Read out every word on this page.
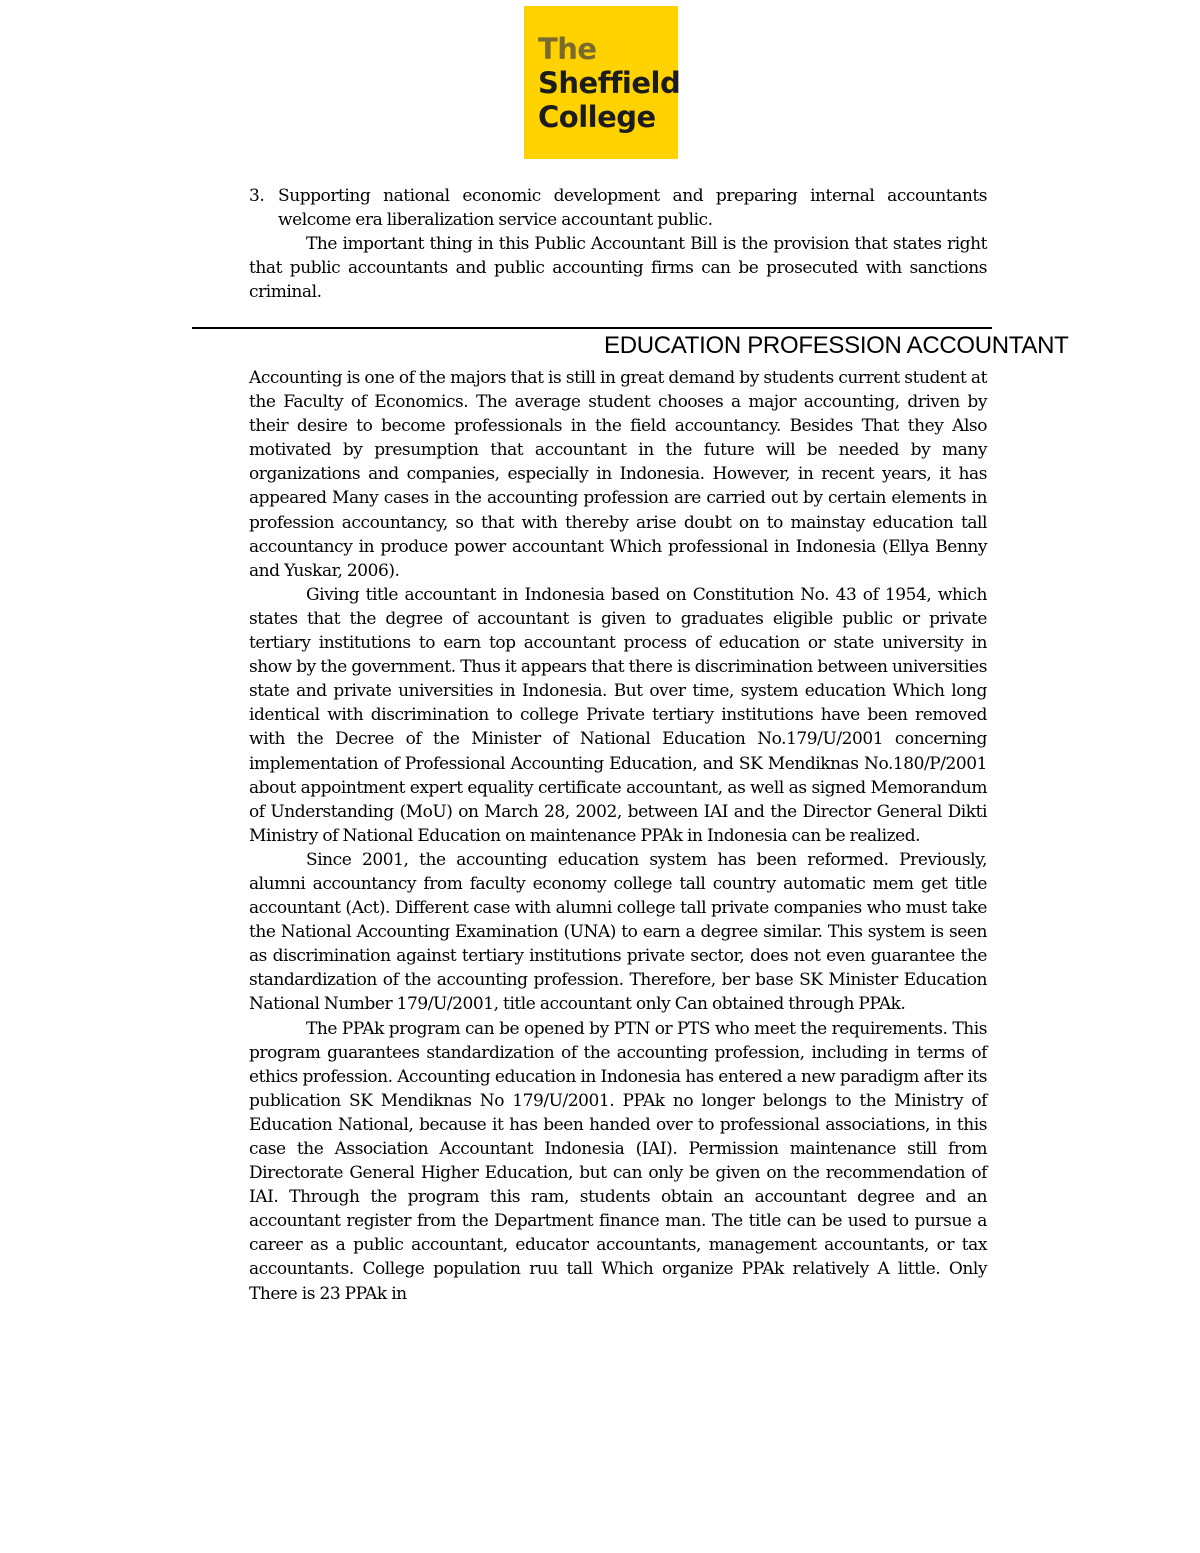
The
Sheffield
College
3. Supporting national economic development and preparing internal accountants welcome era liberalization service accountant public.

The important thing in this Public Accountant Bill is the provision that states right that public accountants and public accounting firms can be prosecuted with sanctions criminal.

EDUCATION PROFESSION ACCOUNTANT

Accounting is one of the majors that is still in great demand by students current student at the Faculty of Economics. The average student chooses a major accounting, driven by their desire to become professionals in the field accountancy. Besides That they Also motivated by presumption that accountant in the future will be needed by many organizations and companies, especially in Indonesia. However, in recent years, it has appeared Many cases in the accounting profession are carried out by certain elements in profession accountancy, so that with thereby arise doubt on to mainstay education tall accountancy in produce power accountant Which professional in Indonesia (Ellya Benny and Yuskar, 2006).

Giving title accountant in Indonesia based on Constitution No. 43 of 1954, which states that the degree of accountant is given to graduates eligible public or private tertiary institutions to earn top accountant process of education or state university in show by the government. Thus it appears that there is discrimination between universities state and private universities in Indonesia. But over time, system education Which long identical with discrimination to college Private tertiary institutions have been removed with the Decree of the Minister of National Education No.179/U/2001 concerning implementation of Professional Accounting Education, and SK Mendiknas No.180/P/2001 about appointment expert equality certificate accountant, as well as signed Memorandum of Understanding (MoU) on March 28, 2002, between IAI and the Director General Dikti Ministry of National Education on maintenance PPAk in Indonesia can be realized.

Since 2001, the accounting education system has been reformed. Previously, alumni accountancy from faculty economy college tall country automatic mem get title accountant (Act). Different case with alumni college tall private companies who must take the National Accounting Examination (UNA) to earn a degree similar. This system is seen as discrimination against tertiary institutions private sector, does not even guarantee the standardization of the accounting profession. Therefore, ber base SK Minister Education National Number 179/U/2001, title accountant only Can obtained through PPAk.

The PPAk program can be opened by PTN or PTS who meet the requirements. This program guarantees standardization of the accounting profession, including in terms of ethics profession. Accounting education in Indonesia has entered a new paradigm after its publication SK Mendiknas No 179/U/2001. PPAk no longer belongs to the Ministry of Education National, because it has been handed over to professional associations, in this case the Association Accountant Indonesia (IAI). Permission maintenance still from Directorate General Higher Education, but can only be given on the recommendation of IAI. Through the program this ram, students obtain an accountant degree and an accountant register from the Department finance man. The title can be used to pursue a career as a public accountant, educator accountants, management accountants, or tax accountants. College population ruu tall Which organize PPAk relatively A little. Only There is 23 PPAk in
